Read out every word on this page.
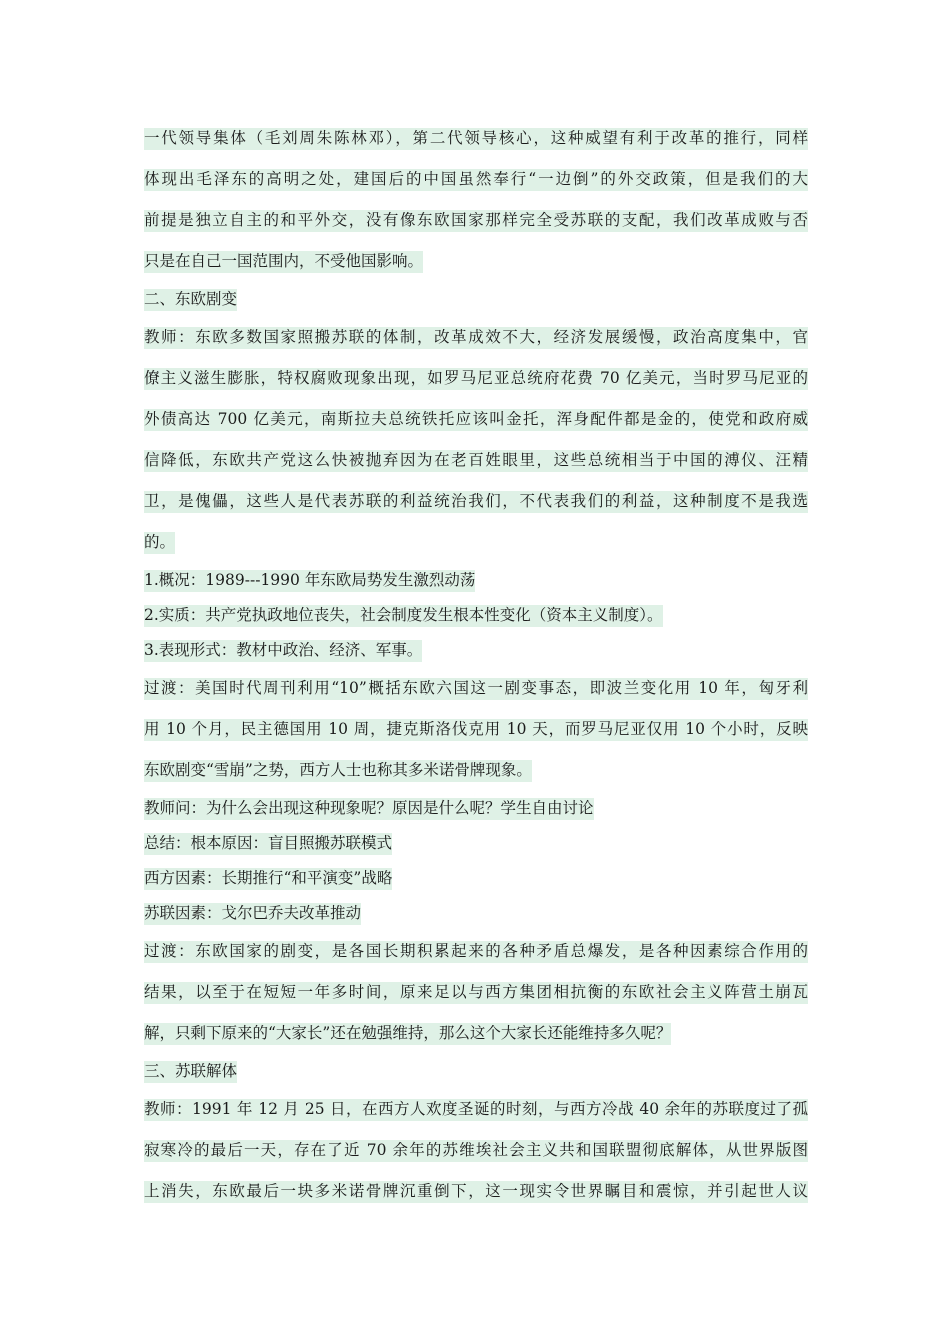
一代领导集体（毛刘周朱陈林邓），第二代领导核心，这种威望有利于改革的推行，同样
体现出毛泽东的高明之处，建国后的中国虽然奉行“一边倒”的外交政策，但是我们的大
前提是独立自主的和平外交，没有像东欧国家那样完全受苏联的支配，我们改革成败与否
只是在自己一国范围内，不受他国影响。
二、东欧剧变
教师：东欧多数国家照搬苏联的体制，改革成效不大，经济发展缓慢，政治高度集中，官
僚主义滋生膨胀，特权腐败现象出现，如罗马尼亚总统府花费 70 亿美元，当时罗马尼亚的
外债高达 700 亿美元，南斯拉夫总统铁托应该叫金托，浑身配件都是金的，使党和政府威
信降低，东欧共产党这么快被抛弃因为在老百姓眼里，这些总统相当于中国的溥仪、汪精
卫，是傀儡，这些人是代表苏联的利益统治我们，不代表我们的利益，这种制度不是我选
的。
1.概况：1989---1990 年东欧局势发生激烈动荡
2.实质：共产党执政地位丧失，社会制度发生根本性变化（资本主义制度）。
3.表现形式：教材中政治、经济、军事。
过渡：美国时代周刊利用“10”概括东欧六国这一剧变事态，即波兰变化用 10 年，匈牙利
用 10 个月，民主德国用 10 周，捷克斯洛伐克用 10 天，而罗马尼亚仅用 10 个小时，反映
东欧剧变“雪崩”之势，西方人士也称其多米诺骨牌现象。
教师问：为什么会出现这种现象呢？原因是什么呢？学生自由讨论
总结：根本原因：盲目照搬苏联模式
西方因素：长期推行“和平演变”战略
苏联因素：戈尔巴乔夫改革推动
过渡：东欧国家的剧变，是各国长期积累起来的各种矛盾总爆发，是各种因素综合作用的
结果，以至于在短短一年多时间，原来足以与西方集团相抗衡的东欧社会主义阵营土崩瓦
解，只剩下原来的“大家长”还在勉强维持，那么这个大家长还能维持多久呢？
三、苏联解体
教师：1991 年 12 月 25 日，在西方人欢度圣诞的时刻，与西方冷战 40 余年的苏联度过了孤
寂寒冷的最后一天，存在了近 70 余年的苏维埃社会主义共和国联盟彻底解体，从世界版图
上消失，东欧最后一块多米诺骨牌沉重倒下，这一现实令世界瞩目和震惊，并引起世人议
